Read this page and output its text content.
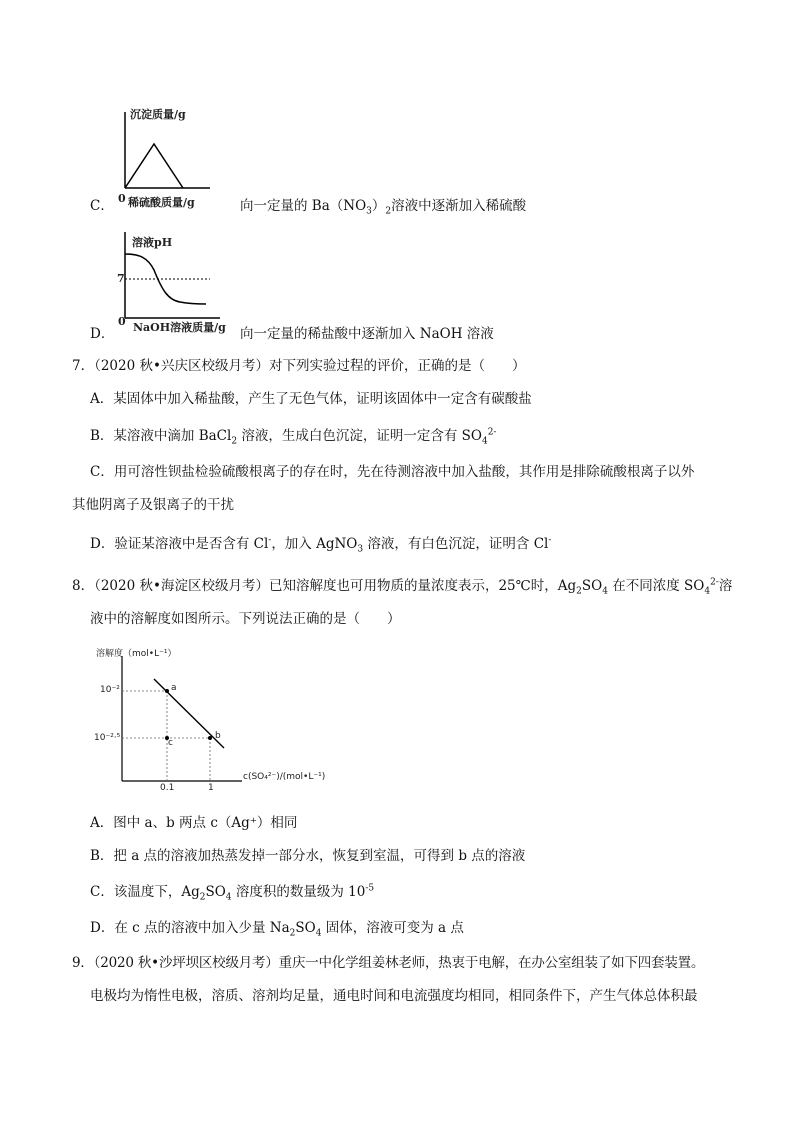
沉淀质量/g
0 稀硫酸质量/g
C．	向一定量的 $Ba(NO_3)_2$溶液中逐渐加入稀硫酸
溶液pH
7
0 NaOH溶液质量/g
D．	向一定量的稀盐酸中逐渐加入 NaOH 溶液
7．（2020 秋•兴庆区校级月考）对下列实验过程的评价，正确的是（　　）
A．某固体中加入稀盐酸，产生了无色气体，证明该固体中一定含有碳酸盐
B．某溶液中滴加 BaCl$_2$ 溶液，生成白色沉淀，证明一定含有 $SO_4^{2-}$
C．用可溶性钡盐检验硫酸根离子的存在时，先在待测溶液中加入盐酸，其作用是排除硫酸根离子以外
其他阴离子及银离子的干扰
D．验证某溶液中是否含有 Cl-，加入 AgNO$_3$ 溶液，有白色沉淀，证明含 Cl-
8．（2020 秋•海淀区校级月考）已知溶解度也可用物质的量浓度表示，25℃时，$Ag_2SO_4$ 在不同浓度 $SO_4^{2-}$溶
液中的溶解度如图所示。下列说法正确的是（　　）
溶解度（mol•L⁻¹）
10⁻²
10⁻²·⁵
0.1	1
c(SO₄²⁻)/(mol•L⁻¹)
a
b
c
A．图中 a、b 两点 c（Ag⁺）相同
B．把 a 点的溶液加热蒸发掉一部分水，恢复到室温，可得到 b 点的溶液
C．该温度下，$Ag_2SO_4$ 溶度积的数量级为 $10^{-5}$
D．在 c 点的溶液中加入少量 $Na_2SO_4$ 固体，溶液可变为 a 点
9．（2020 秋•沙坪坝区校级月考）重庆一中化学组姜林老师，热衷于电解，在办公室组装了如下四套装置。
电极均为惰性电极，溶质、溶剂均足量，通电时间和电流强度均相同，相同条件下，产生气体总体积最
